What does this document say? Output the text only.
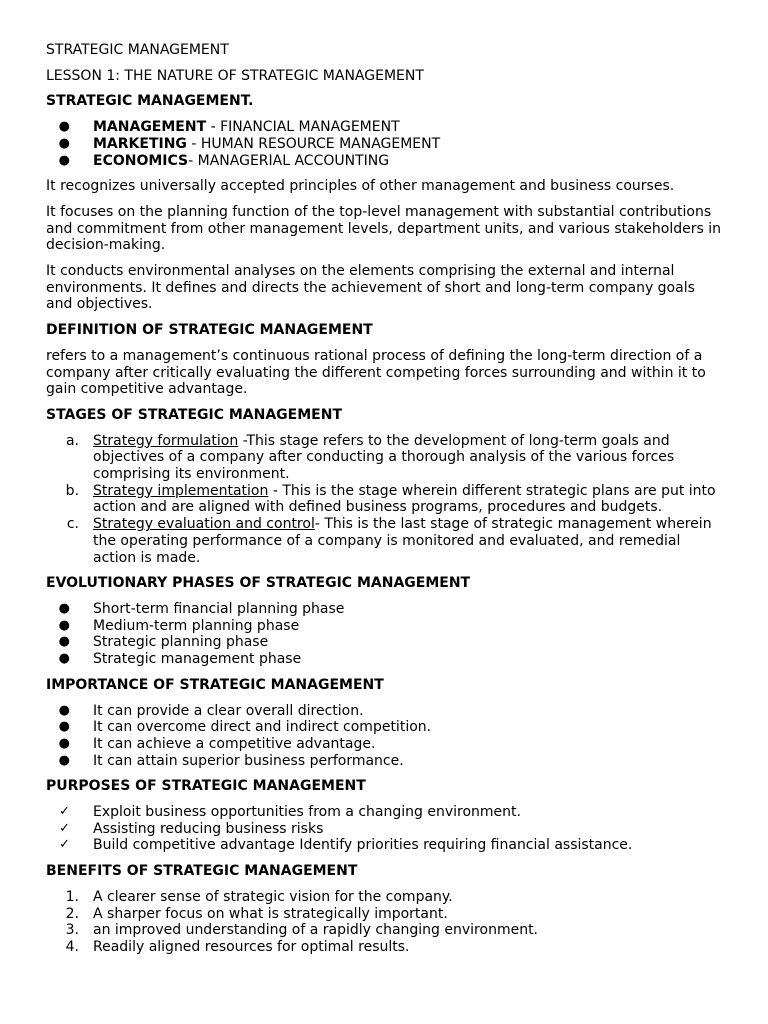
STRATEGIC MANAGEMENT

LESSON 1: THE NATURE OF STRATEGIC MANAGEMENT

STRATEGIC MANAGEMENT.

●	MANAGEMENT - FINANCIAL MANAGEMENT
●	MARKETING - HUMAN RESOURCE MANAGEMENT
●	ECONOMICS- MANAGERIAL ACCOUNTING

It recognizes universally accepted principles of other management and business courses.

It focuses on the planning function of the top-level management with substantial contributions and commitment from other management levels, department units, and various stakeholders in decision-making.

It conducts environmental analyses on the elements comprising the external and internal environments. It defines and directs the achievement of short and long-term company goals and objectives.

DEFINITION OF STRATEGIC MANAGEMENT

refers to a management’s continuous rational process of defining the long-term direction of a company after critically evaluating the different competing forces surrounding and within it to gain competitive advantage.

STAGES OF STRATEGIC MANAGEMENT

a.	Strategy formulation -This stage refers to the development of long-term goals and objectives of a company after conducting a thorough analysis of the various forces comprising its environment.
b.	Strategy implementation - This is the stage wherein different strategic plans are put into action and are aligned with defined business programs, procedures and budgets.
c.	Strategy evaluation and control- This is the last stage of strategic management wherein the operating performance of a company is monitored and evaluated, and remedial action is made.

EVOLUTIONARY PHASES OF STRATEGIC MANAGEMENT

●	Short-term financial planning phase
●	Medium-term planning phase
●	Strategic planning phase
●	Strategic management phase

IMPORTANCE OF STRATEGIC MANAGEMENT

●	It can provide a clear overall direction.
●	It can overcome direct and indirect competition.
●	It can achieve a competitive advantage.
●	It can attain superior business performance.

PURPOSES OF STRATEGIC MANAGEMENT

✓	Exploit business opportunities from a changing environment.
✓	Assisting reducing business risks
✓	Build competitive advantage Identify priorities requiring financial assistance.

BENEFITS OF STRATEGIC MANAGEMENT

1.	A clearer sense of strategic vision for the company.
2.	A sharper focus on what is strategically important.
3.	an improved understanding of a rapidly changing environment.
4.	Readily aligned resources for optimal results.
